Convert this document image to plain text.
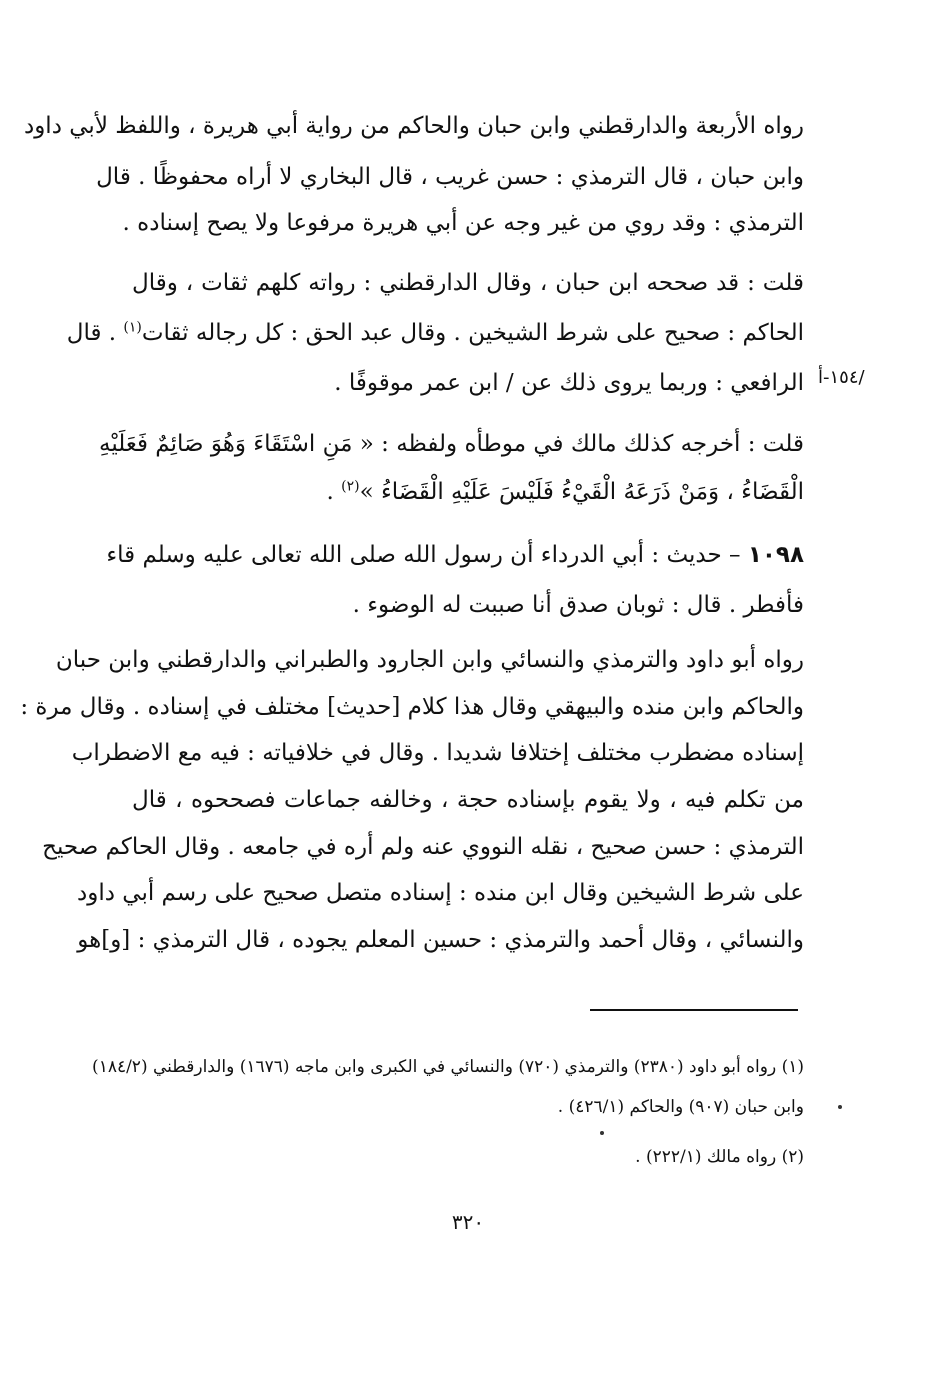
رواه الأربعة والدارقطني وابن حبان والحاكم من رواية أبي هريرة ، واللفظ لأبي داود
وابن حبان ، قال الترمذي : حسن غريب ، قال البخاري لا أراه محفوظًا . قال
الترمذي : وقد روي من غير وجه عن أبي هريرة مرفوعا ولا يصح إسناده .
قلت : قد صححه ابن حبان ، وقال الدارقطني : رواته كلهم ثقات ، وقال
الحاكم : صحيح على شرط الشيخين . وقال عبد الحق : كل رجاله ثقات$^{(١)}$ . قال
الرافعي : وربما يروى ذلك عن / ابن عمر موقوفًا . /١٥٤-أ
قلت : أخرجه كذلك مالك في موطأه ولفظه : « مَنِ اسْتَقَاءَ وَهُوَ صَائِمٌ فَعَلَيْهِ
الْقَضَاءُ ، وَمَنْ ذَرَعَهُ الْقَيْءُ فَلَيْسَ عَلَيْهِ الْقَضَاءُ »$^{(٢)}$ .
١٠٩٨ – حديث : أبي الدرداء أن رسول الله صلى الله تعالى عليه وسلم قاء
فأفطر . قال : ثوبان صدق أنا صببت له الوضوء .
رواه أبو داود والترمذي والنسائي وابن الجارود والطبراني والدارقطني وابن حبان
والحاكم وابن منده والبيهقي وقال هذا كلام [حديث] مختلف في إسناده . وقال مرة :
إسناده مضطرب مختلف إختلافا شديدا . وقال في خلافياته : فيه مع الاضطراب
من تكلم فيه ، ولا يقوم بإسناده حجة ، وخالفه جماعات فصححوه ، قال
الترمذي : حسن صحيح ، نقله النووي عنه ولم أره في جامعه . وقال الحاكم صحيح
على شرط الشيخين وقال ابن منده : إسناده متصل صحيح على رسم أبي داود
والنسائي ، وقال أحمد والترمذي : حسين المعلم يجوده ، قال الترمذي : [و]هو
(١) رواه أبو داود (٢٣٨٠) والترمذي (٧٢٠) والنسائي في الكبرى وابن ماجه (١٦٧٦) والدارقطني (١٨٤/٢)
وابن حبان (٩٠٧) والحاكم (٤٢٦/١) .
(٢) رواه مالك (٢٢٢/١) .
٣٢٠
